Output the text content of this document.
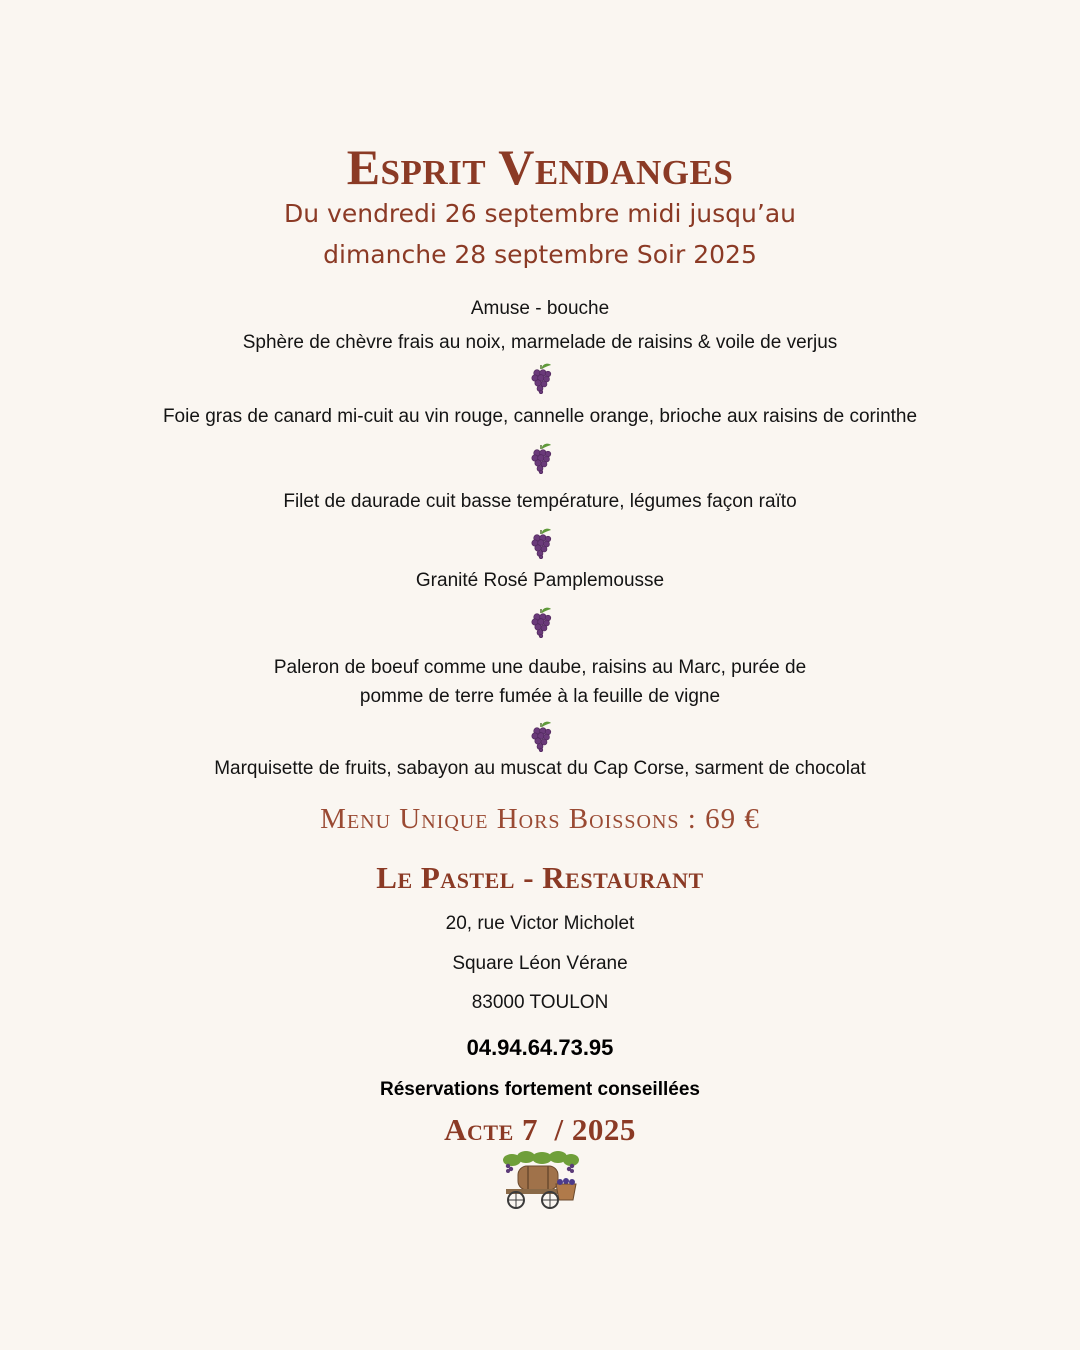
Esprit Vendanges
Du vendredi 26 septembre midi jusqu’au
dimanche 28 septembre Soir 2025
Amuse - bouche
Sphère de chèvre frais au noix, marmelade de raisins & voile de verjus
Foie gras de canard mi-cuit au vin rouge, cannelle orange, brioche aux raisins de corinthe
Filet de daurade cuit basse température, légumes façon raïto
Granité Rosé Pamplemousse
Paleron de boeuf comme une daube, raisins au Marc, purée de
pomme de terre fumée à la feuille de vigne
Marquisette de fruits, sabayon au muscat du Cap Corse, sarment de chocolat
Menu Unique Hors Boissons : 69 €
Le Pastel - Restaurant
20, rue Victor Micholet
Square Léon Vérane
83000 TOULON
04.94.64.73.95
Réservations fortement conseillées
Acte 7  / 2025
